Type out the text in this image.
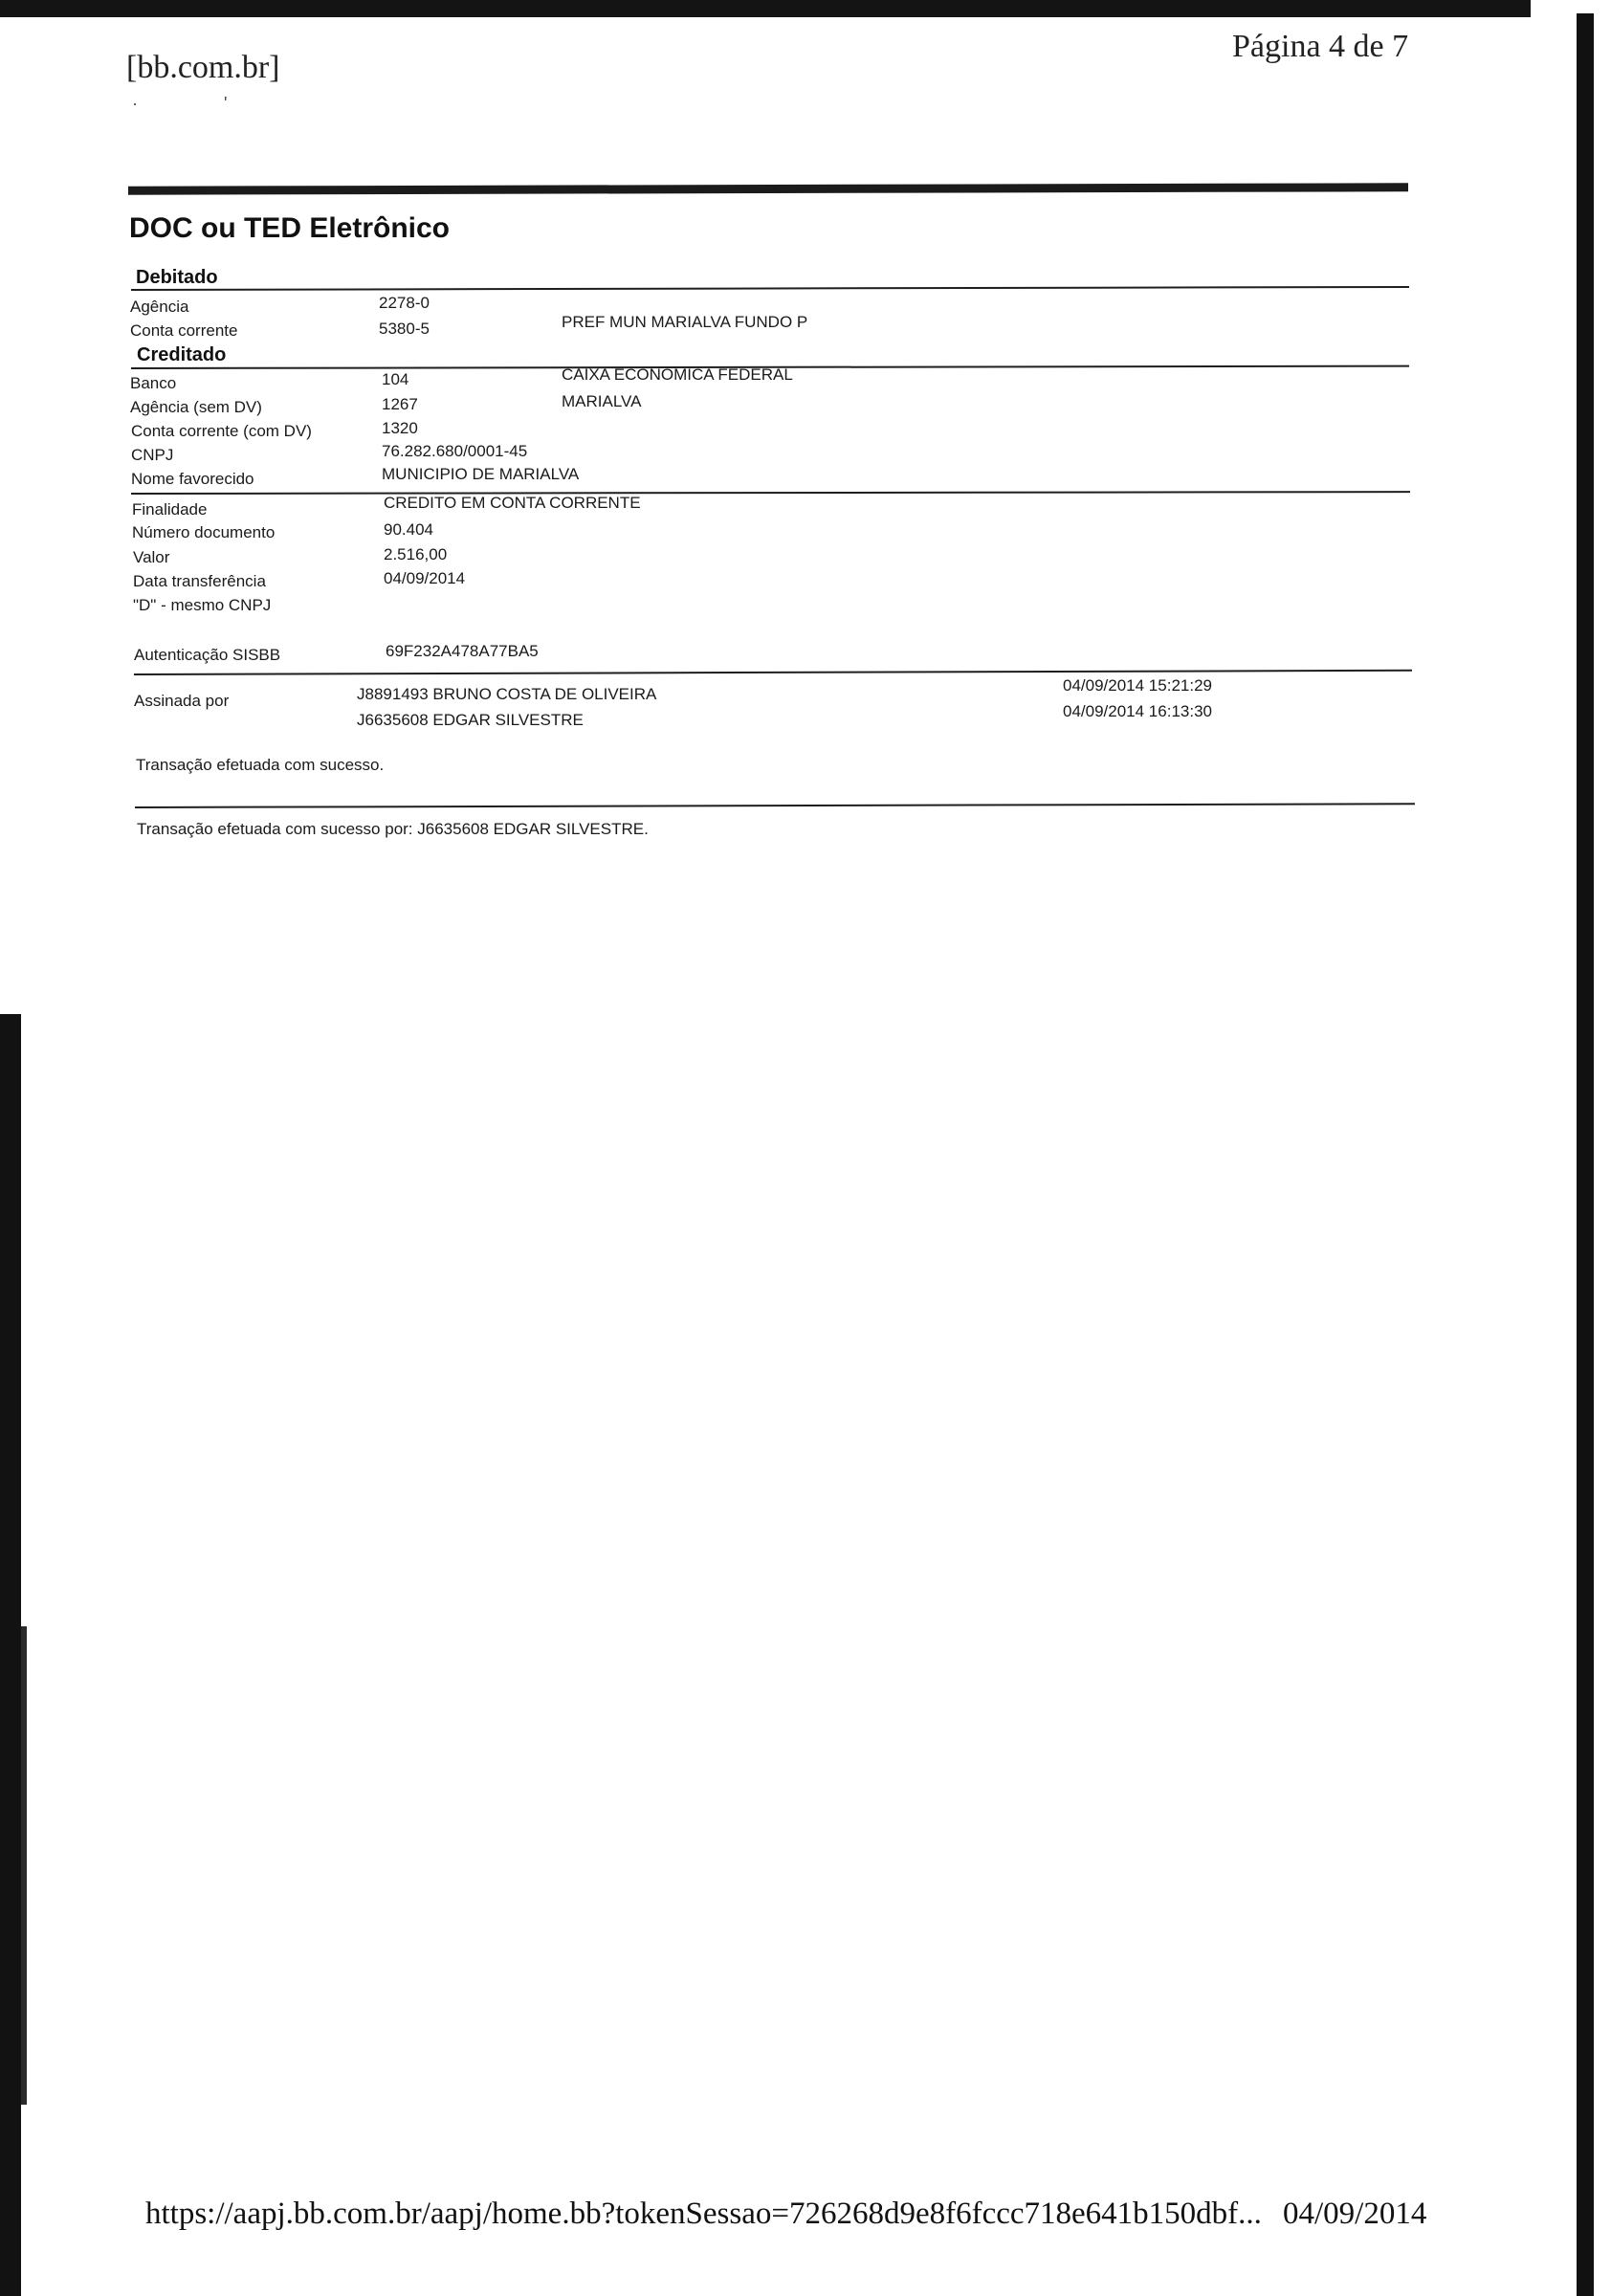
[bb.com.br]
Página 4 de 7
·                  '
DOC ou TED Eletrônico
Debitado
Agência	2278-0
Conta corrente	5380-5	PREF MUN MARIALVA FUNDO P
Creditado
Banco	104	CAIXA ECONOMICA FEDERAL
Agência (sem DV)	1267	MARIALVA
Conta corrente (com DV)	1320
CNPJ	76.282.680/0001-45
Nome favorecido	MUNICIPIO DE MARIALVA
Finalidade	CREDITO EM CONTA CORRENTE
Número documento	90.404
Valor	2.516,00
Data transferência	04/09/2014
"D" - mesmo CNPJ
Autenticação SISBB	69F232A478A77BA5
Assinada por	J8891493 BRUNO COSTA DE OLIVEIRA	04/09/2014 15:21:29
J6635608 EDGAR SILVESTRE	04/09/2014 16:13:30
Transação efetuada com sucesso.
Transação efetuada com sucesso por: J6635608 EDGAR SILVESTRE.
https://aapj.bb.com.br/aapj/home.bb?tokenSessao=726268d9e8f6fccc718e641b150dbf... 04/09/2014
